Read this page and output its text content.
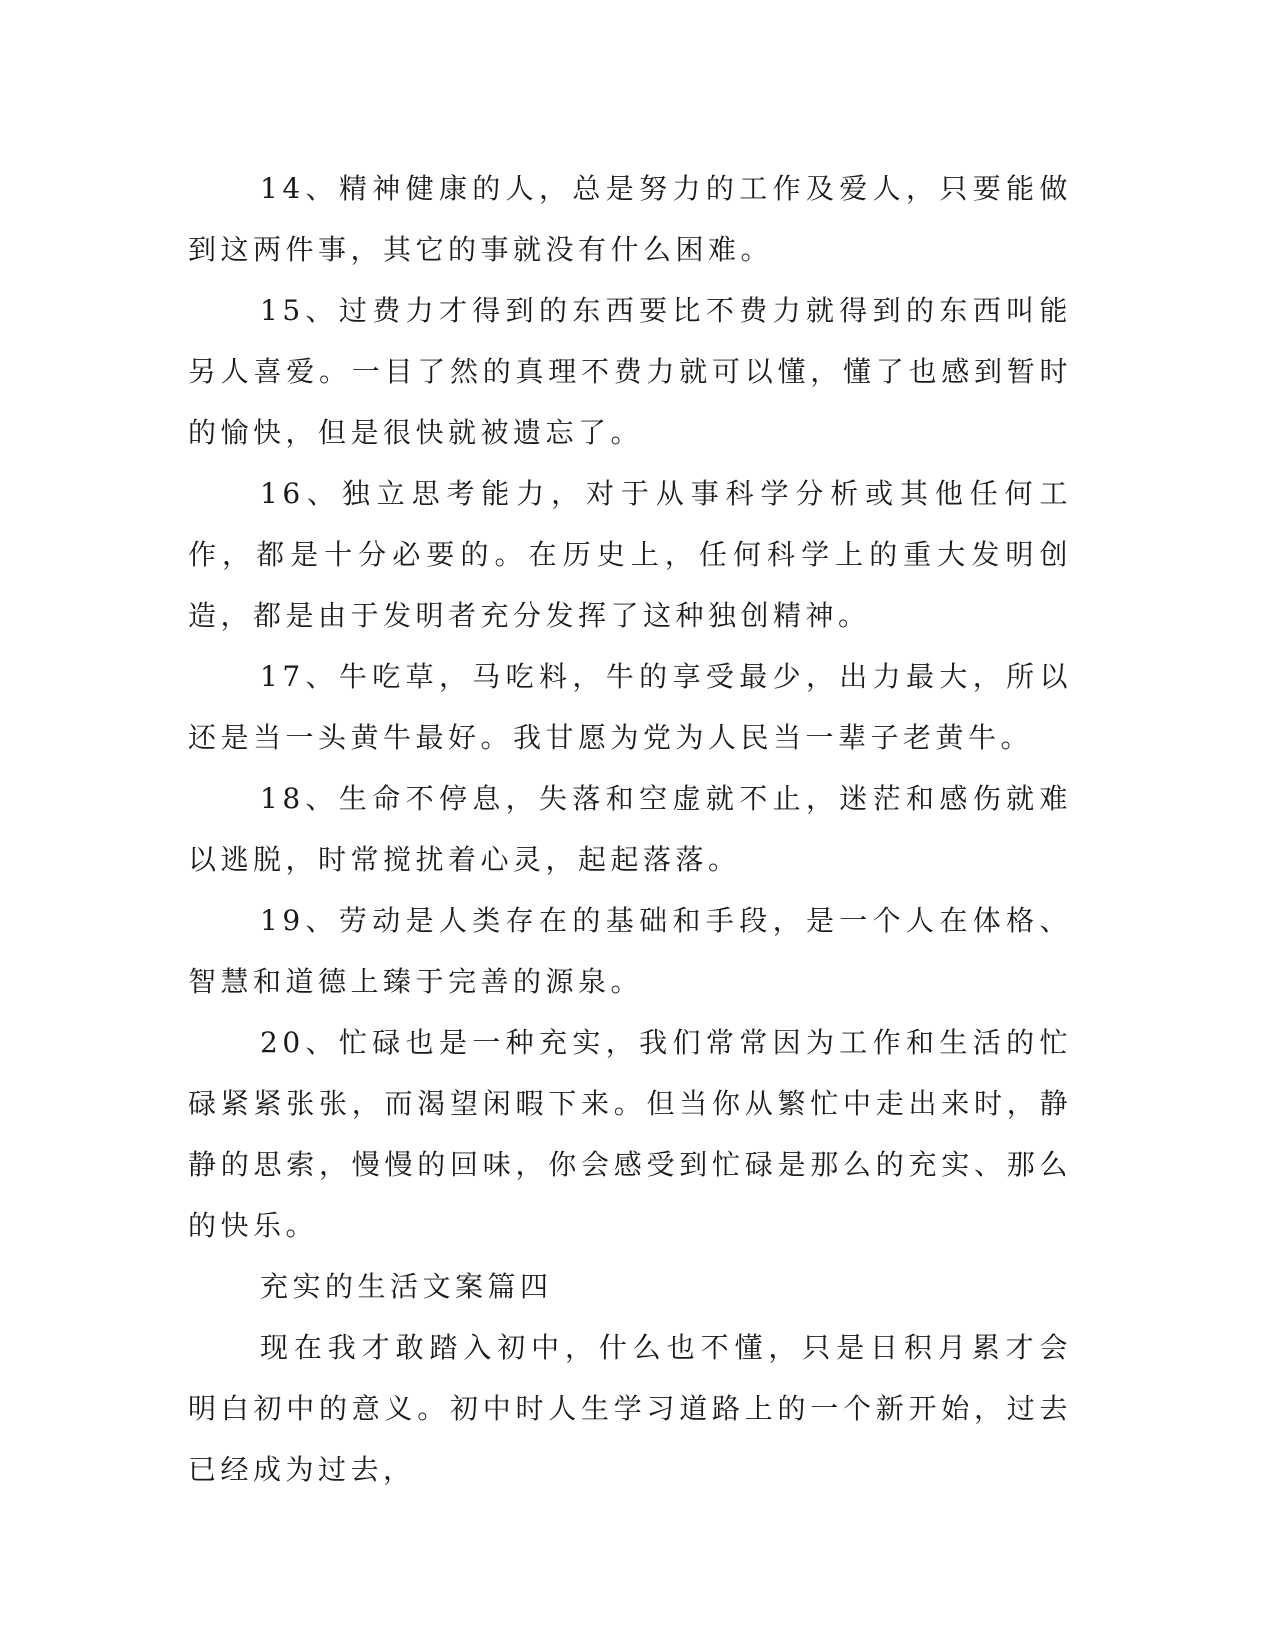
14、精神健康的人，总是努力的工作及爱人，只要能做到这两件事，其它的事就没有什么困难。

15、过费力才得到的东西要比不费力就得到的东西叫能另人喜爱。一目了然的真理不费力就可以懂，懂了也感到暂时的愉快，但是很快就被遗忘了。

16、独立思考能力，对于从事科学分析或其他任何工作，都是十分必要的。在历史上，任何科学上的重大发明创造，都是由于发明者充分发挥了这种独创精神。

17、牛吃草，马吃料，牛的享受最少，出力最大，所以还是当一头黄牛最好。我甘愿为党为人民当一辈子老黄牛。

18、生命不停息，失落和空虚就不止，迷茫和感伤就难以逃脱，时常搅扰着心灵，起起落落。

19、劳动是人类存在的基础和手段，是一个人在体格、智慧和道德上臻于完善的源泉。

20、忙碌也是一种充实，我们常常因为工作和生活的忙碌紧紧张张，而渴望闲暇下来。但当你从繁忙中走出来时，静静的思索，慢慢的回味，你会感受到忙碌是那么的充实、那么的快乐。

充实的生活文案篇四

现在我才敢踏入初中，什么也不懂，只是日积月累才会明白初中的意义。初中时人生学习道路上的一个新开始，过去已经成为过去，
